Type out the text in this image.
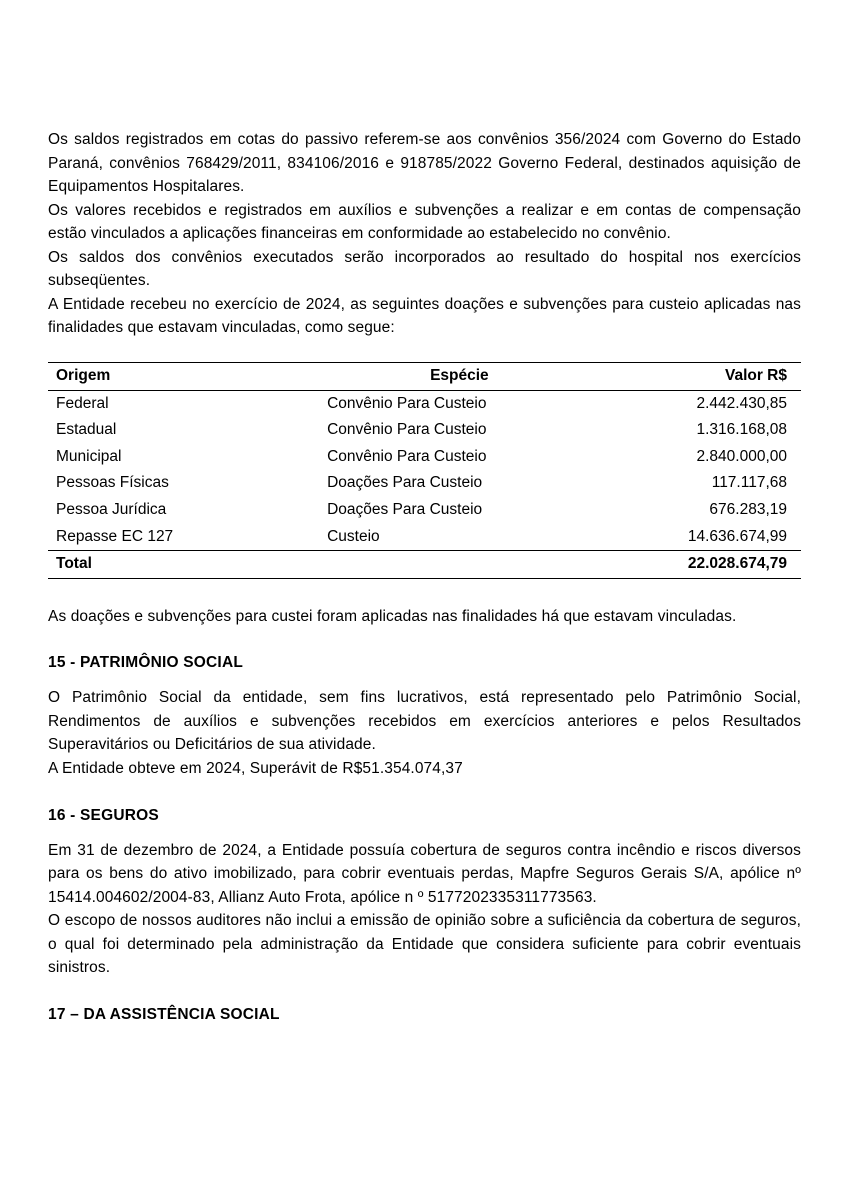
Os saldos registrados em cotas do passivo referem-se aos convênios 356/2024 com Governo do Estado Paraná, convênios 768429/2011, 834106/2016 e 918785/2022 Governo Federal, destinados aquisição de Equipamentos Hospitalares.

Os valores recebidos e registrados em auxílios e subvenções a realizar e em contas de compensação estão vinculados a aplicações financeiras em conformidade ao estabelecido no convênio.

Os saldos dos convênios executados serão incorporados ao resultado do hospital nos exercícios subseqüentes.

A Entidade recebeu no exercício de 2024, as seguintes doações e subvenções para custeio aplicadas nas finalidades que estavam vinculadas, como segue:

Origem	Espécie	Valor R$
Federal	Convênio Para Custeio	2.442.430,85
Estadual	Convênio Para Custeio	1.316.168,08
Municipal	Convênio Para Custeio	2.840.000,00
Pessoas Físicas	Doações Para Custeio	117.117,68
Pessoa Jurídica	Doações Para Custeio	676.283,19
Repasse EC 127	Custeio	14.636.674,99
Total		22.028.674,79

As doações e subvenções para custei foram aplicadas nas finalidades há que estavam vinculadas.

15 - PATRIMÔNIO SOCIAL

O Patrimônio Social da entidade, sem fins lucrativos, está representado pelo Patrimônio Social, Rendimentos de auxílios e subvenções recebidos em exercícios anteriores e pelos Resultados Superavitários ou Deficitários de sua atividade.

A Entidade obteve em 2024, Superávit de R$51.354.074,37

16 - SEGUROS

Em 31 de dezembro de 2024, a Entidade possuía cobertura de seguros contra incêndio e riscos diversos para os bens do ativo imobilizado, para cobrir eventuais perdas, Mapfre Seguros Gerais S/A, apólice nº 15414.004602/2004-83, Allianz Auto Frota, apólice n º 5177202335311773563.

O escopo de nossos auditores não inclui a emissão de opinião sobre a suficiência da cobertura de seguros, o qual foi determinado pela administração da Entidade que considera suficiente para cobrir eventuais sinistros.

17 – DA ASSISTÊNCIA SOCIAL
